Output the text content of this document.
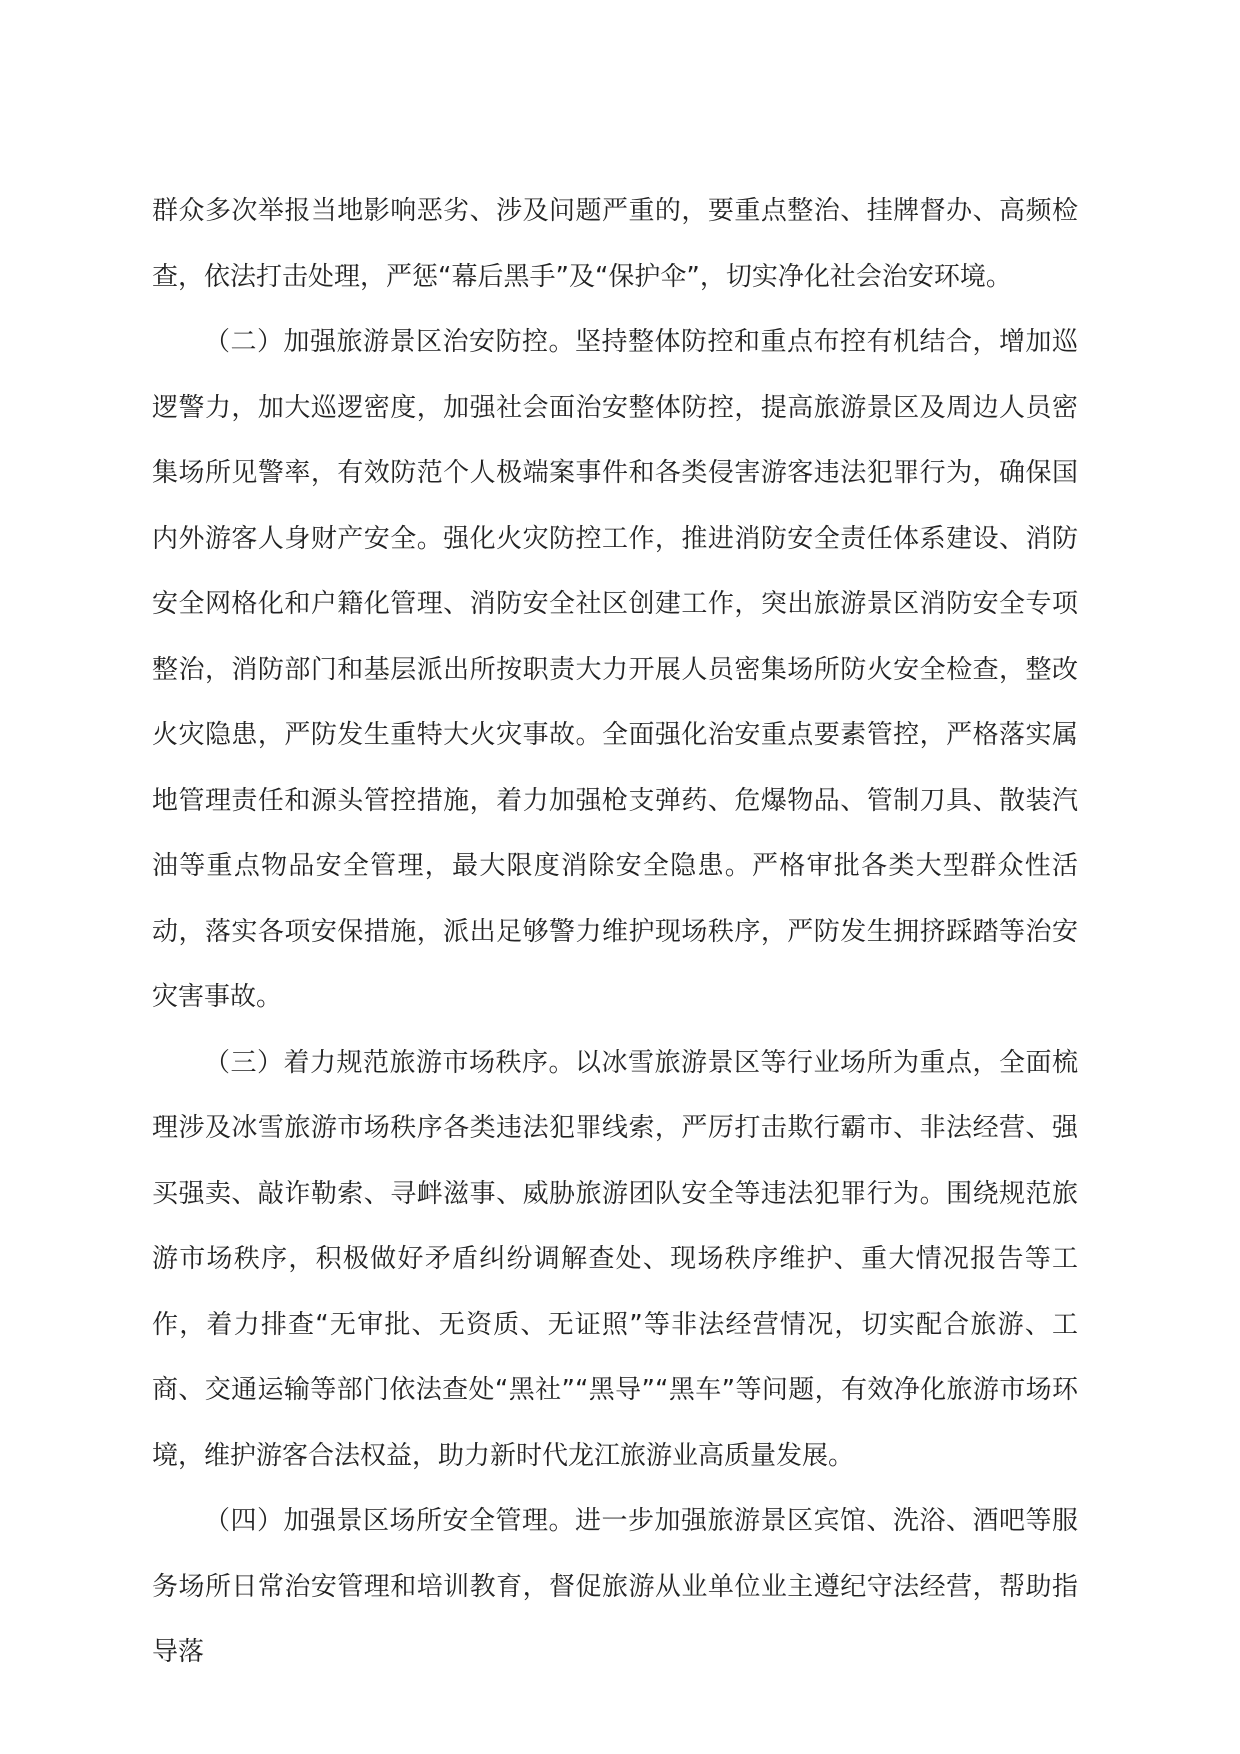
群众多次举报当地影响恶劣、涉及问题严重的，要重点整治、挂牌督办、高频检查，依法打击处理，严惩“幕后黑手”及“保护伞”，切实净化社会治安环境。

（二）加强旅游景区治安防控。坚持整体防控和重点布控有机结合，增加巡逻警力，加大巡逻密度，加强社会面治安整体防控，提高旅游景区及周边人员密集场所见警率，有效防范个人极端案事件和各类侵害游客违法犯罪行为，确保国内外游客人身财产安全。强化火灾防控工作，推进消防安全责任体系建设、消防安全网格化和户籍化管理、消防安全社区创建工作，突出旅游景区消防安全专项整治，消防部门和基层派出所按职责大力开展人员密集场所防火安全检查，整改火灾隐患，严防发生重特大火灾事故。全面强化治安重点要素管控，严格落实属地管理责任和源头管控措施，着力加强枪支弹药、危爆物品、管制刀具、散装汽油等重点物品安全管理，最大限度消除安全隐患。严格审批各类大型群众性活动，落实各项安保措施，派出足够警力维护现场秩序，严防发生拥挤踩踏等治安灾害事故。

（三）着力规范旅游市场秩序。以冰雪旅游景区等行业场所为重点，全面梳理涉及冰雪旅游市场秩序各类违法犯罪线索，严厉打击欺行霸市、非法经营、强买强卖、敲诈勒索、寻衅滋事、威胁旅游团队安全等违法犯罪行为。围绕规范旅游市场秩序，积极做好矛盾纠纷调解查处、现场秩序维护、重大情况报告等工作，着力排查“无审批、无资质、无证照”等非法经营情况，切实配合旅游、工商、交通运输等部门依法查处“黑社”“黑导”“黑车”等问题，有效净化旅游市场环境，维护游客合法权益，助力新时代龙江旅游业高质量发展。

（四）加强景区场所安全管理。进一步加强旅游景区宾馆、洗浴、酒吧等服务场所日常治安管理和培训教育，督促旅游从业单位业主遵纪守法经营，帮助指导落
